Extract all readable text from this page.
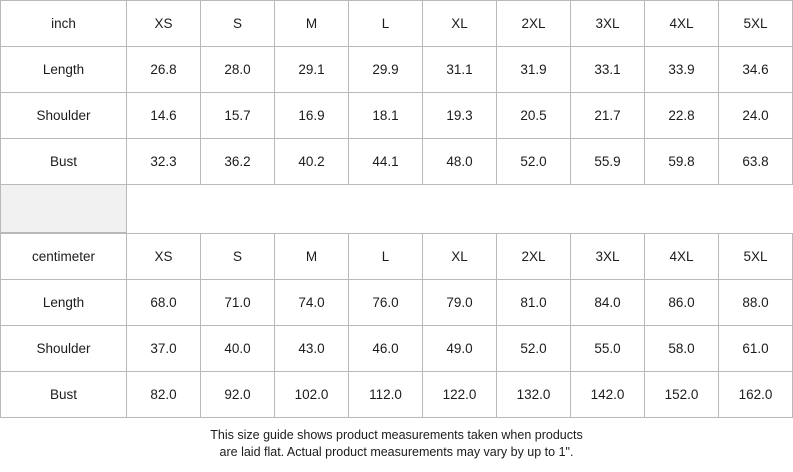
inch	XS	S	M	L	XL	2XL	3XL	4XL	5XL
Length	26.8	28.0	29.1	29.9	31.1	31.9	33.1	33.9	34.6
Shoulder	14.6	15.7	16.9	18.1	19.3	20.5	21.7	22.8	24.0
Bust	32.3	36.2	40.2	44.1	48.0	52.0	55.9	59.8	63.8

centimeter	XS	S	M	L	XL	2XL	3XL	4XL	5XL
Length	68.0	71.0	74.0	76.0	79.0	81.0	84.0	86.0	88.0
Shoulder	37.0	40.0	43.0	46.0	49.0	52.0	55.0	58.0	61.0
Bust	82.0	92.0	102.0	112.0	122.0	132.0	142.0	152.0	162.0
This size guide shows product measurements taken when products
are laid flat. Actual product measurements may vary by up to 1".
